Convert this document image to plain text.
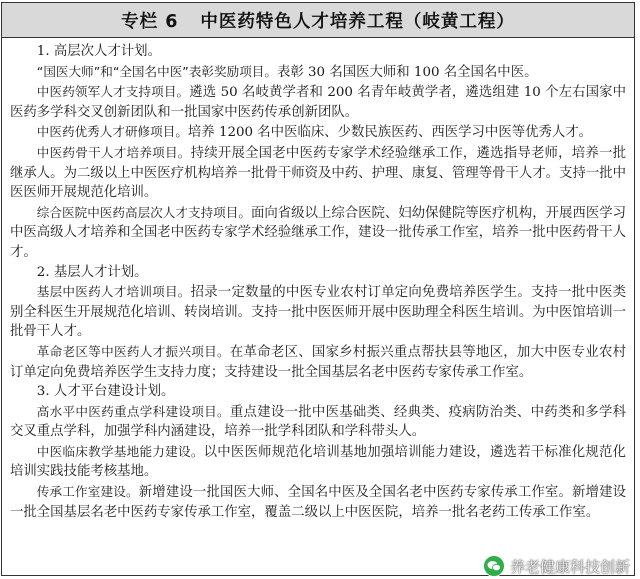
专栏 6 中医药特色人才培养工程（岐黄工程）

1. 高层次人才计划。

“国医大师”和“全国名中医”表彰奖励项目。表彰 30 名国医大师和 100 名全国名中医。

中医药领军人才支持项目。遴选 50 名岐黄学者和 200 名青年岐黄学者，遴选组建 10 个左右国家中医药多学科交叉创新团队和一批国家中医药传承创新团队。

中医药优秀人才研修项目。培养 1200 名中医临床、少数民族医药、西医学习中医等优秀人才。

中医药骨干人才培养项目。持续开展全国老中医药专家学术经验继承工作，遴选指导老师，培养一批继承人。为二级以上中医医疗机构培养一批骨干师资及中药、护理、康复、管理等骨干人才。支持一批中医医师开展规范化培训。

综合医院中医药高层次人才支持项目。面向省级以上综合医院、妇幼保健院等医疗机构，开展西医学习中医高级人才培养和全国老中医药专家学术经验继承工作，建设一批传承工作室，培养一批中医药骨干人才。

2. 基层人才计划。

基层中医药人才培训项目。招录一定数量的中医专业农村订单定向免费培养医学生。支持一批中医类别全科医生开展规范化培训、转岗培训。支持一批中医医师开展中医助理全科医生培训。为中医馆培训一批骨干人才。

革命老区等中医药人才振兴项目。在革命老区、国家乡村振兴重点帮扶县等地区，加大中医专业农村订单定向免费培养医学生支持力度；支持建设一批全国基层名老中医药专家传承工作室。

3. 人才平台建设计划。

高水平中医药重点学科建设项目。重点建设一批中医基础类、经典类、疫病防治类、中药类和多学科交叉重点学科，加强学科内涵建设，培养一批学科团队和学科带头人。

中医临床教学基地能力建设。以中医医师规范化培训基地加强培训能力建设，遴选若干标准化规范化培训实践技能考核基地。

传承工作室建设。新增建设一批国医大师、全国名中医及全国名老中医药专家传承工作室。新增建设一批全国基层名老中医药专家传承工作室，覆盖二级以上中医医院，培养一批名老药工传承工作室。

养老健康科技创新
